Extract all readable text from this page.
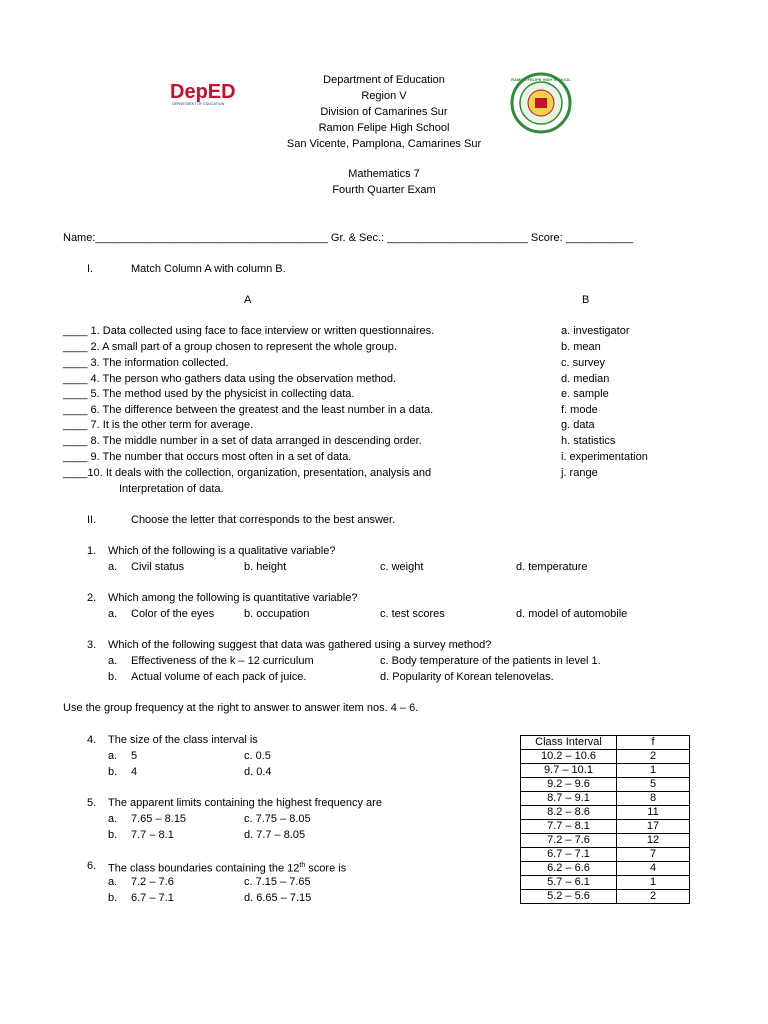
DepED
DEPARTMENT OF EDUCATION
RAMON FELIPE HIGH SCHOOL
Department of Education
Region V
Division of Camarines Sur
Ramon Felipe High School
San Vicente, Pamplona, Camarines Sur
Mathematics 7
Fourth Quarter Exam
Name:______________________________________ Gr. & Sec.: _______________________ Score: ___________
I.	Match Column A with column B.
A	B
____ 1. Data collected using face to face interview or written questionnaires.	a. investigator
____ 2. A small part of a group chosen to represent the whole group.	b. mean
____ 3. The information collected.	c. survey
____ 4. The person who gathers data using the observation method.	d. median
____ 5. The method used by the physicist in collecting data.	e. sample
____ 6. The difference between the greatest and the least number in a data.	f. mode
____ 7. It is the other term for average.	g. data
____ 8. The middle number in a set of data arranged in descending order.	h. statistics
____ 9. The number that occurs most often in a set of data.	i. experimentation
____10. It deals with the collection, organization, presentation, analysis and	j. range
Interpretation of data.
II.	Choose the letter that corresponds to the best answer.
1. Which of the following is a qualitative variable?
a. Civil status	b. height	c. weight	d. temperature
2. Which among the following is quantitative variable?
a. Color of the eyes	b. occupation	c. test scores	d. model of automobile
3. Which of the following suggest that data was gathered using a survey method?
a. Effectiveness of the k – 12 curriculum	c. Body temperature of the patients in level 1.
b. Actual volume of each pack of juice.	d. Popularity of Korean telenovelas.
Use the group frequency at the right to answer to answer item nos. 4 – 6.
4. The size of the class interval is
a. 5	c. 0.5
b. 4	d. 0.4
5. The apparent limits containing the highest frequency are
a. 7.65 – 8.15	c. 7.75 – 8.05
b. 7.7 – 8.1	d. 7.7 – 8.05
6. The class boundaries containing the 12th score is
a. 7.2 – 7.6	c. 7.15 – 7.65
b. 6.7 – 7.1	d. 6.65 – 7.15
Class Interval	f
10.2 – 10.6	2
9.7 – 10.1	1
9.2 – 9.6	5
8.7 – 9.1	8
8.2 – 8.6	11
7.7 – 8.1	17
7.2 – 7.6	12
6.7 – 7.1	7
6.2 – 6.6	4
5.7 – 6.1	1
5.2 – 5.6	2
